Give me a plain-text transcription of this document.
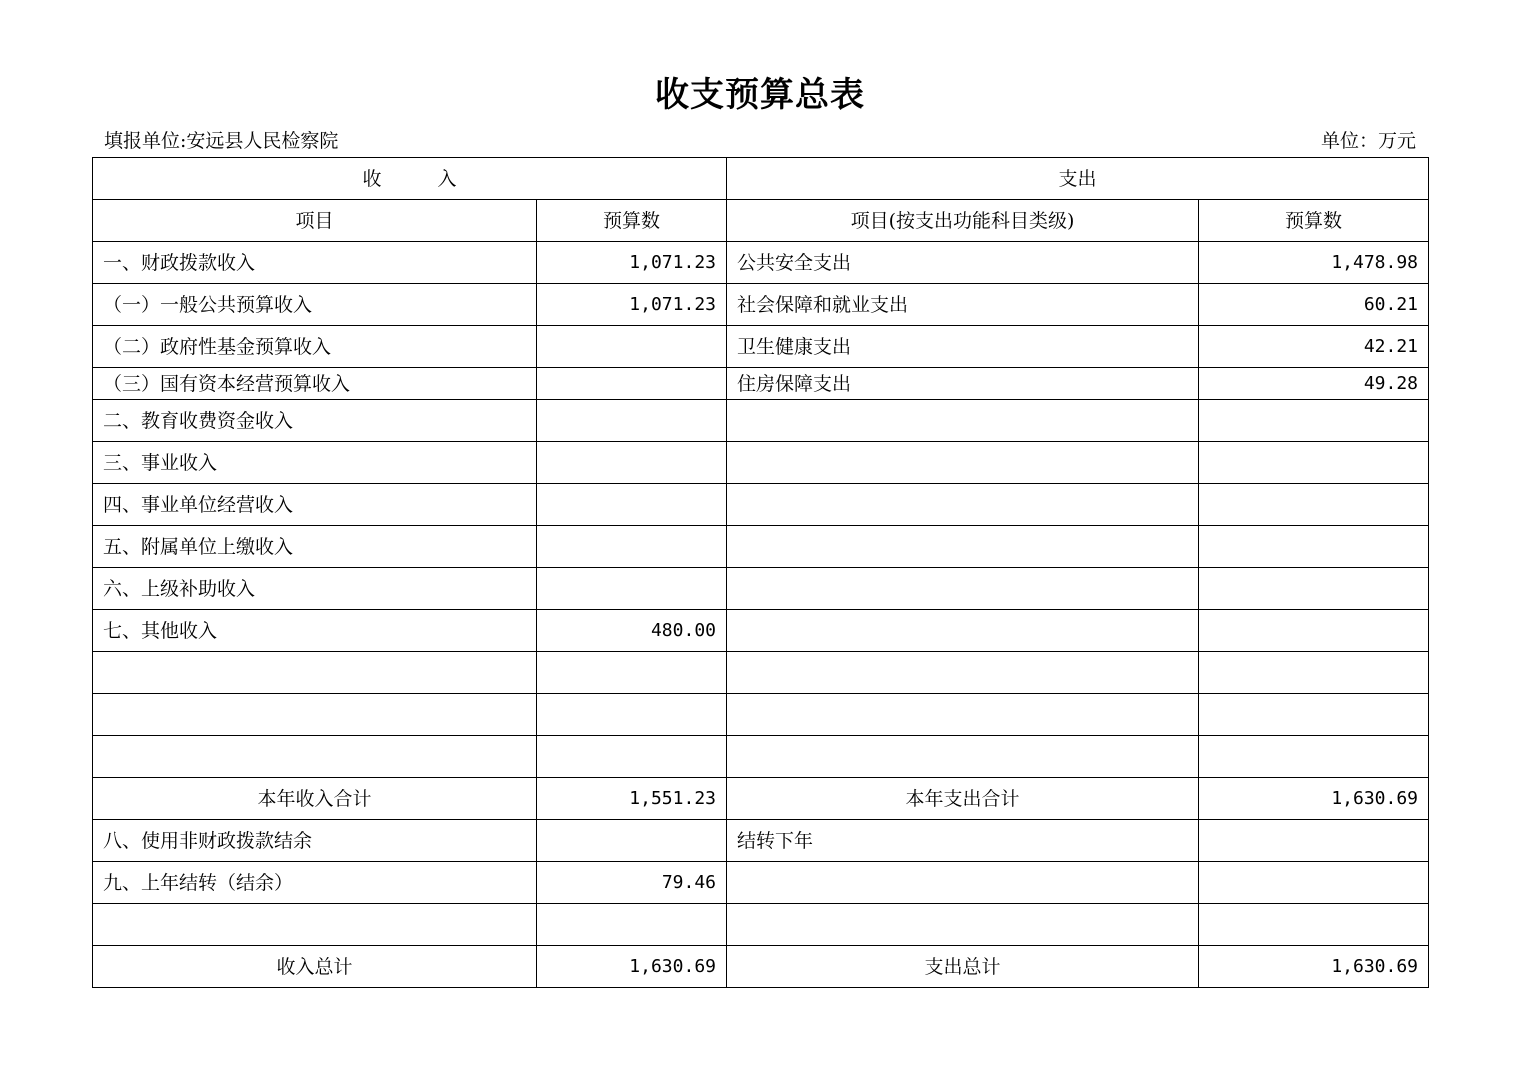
收支预算总表
填报单位:安远县人民检察院	单位：万元
收 入		支出	
项目	预算数	项目(按支出功能科目类级)	预算数
一、财政拨款收入	1,071.23	公共安全支出	1,478.98
（一）一般公共预算收入	1,071.23	社会保障和就业支出	60.21
（二）政府性基金预算收入		卫生健康支出	42.21
（三）国有资本经营预算收入		住房保障支出	49.28
二、教育收费资金收入			
三、事业收入			
四、事业单位经营收入			
五、附属单位上缴收入			
六、上级补助收入			
七、其他收入	480.00		

本年收入合计	1,551.23	本年支出合计	1,630.69
八、使用非财政拨款结余		结转下年	
九、上年结转（结余）	79.46		

收入总计	1,630.69	支出总计	1,630.69
